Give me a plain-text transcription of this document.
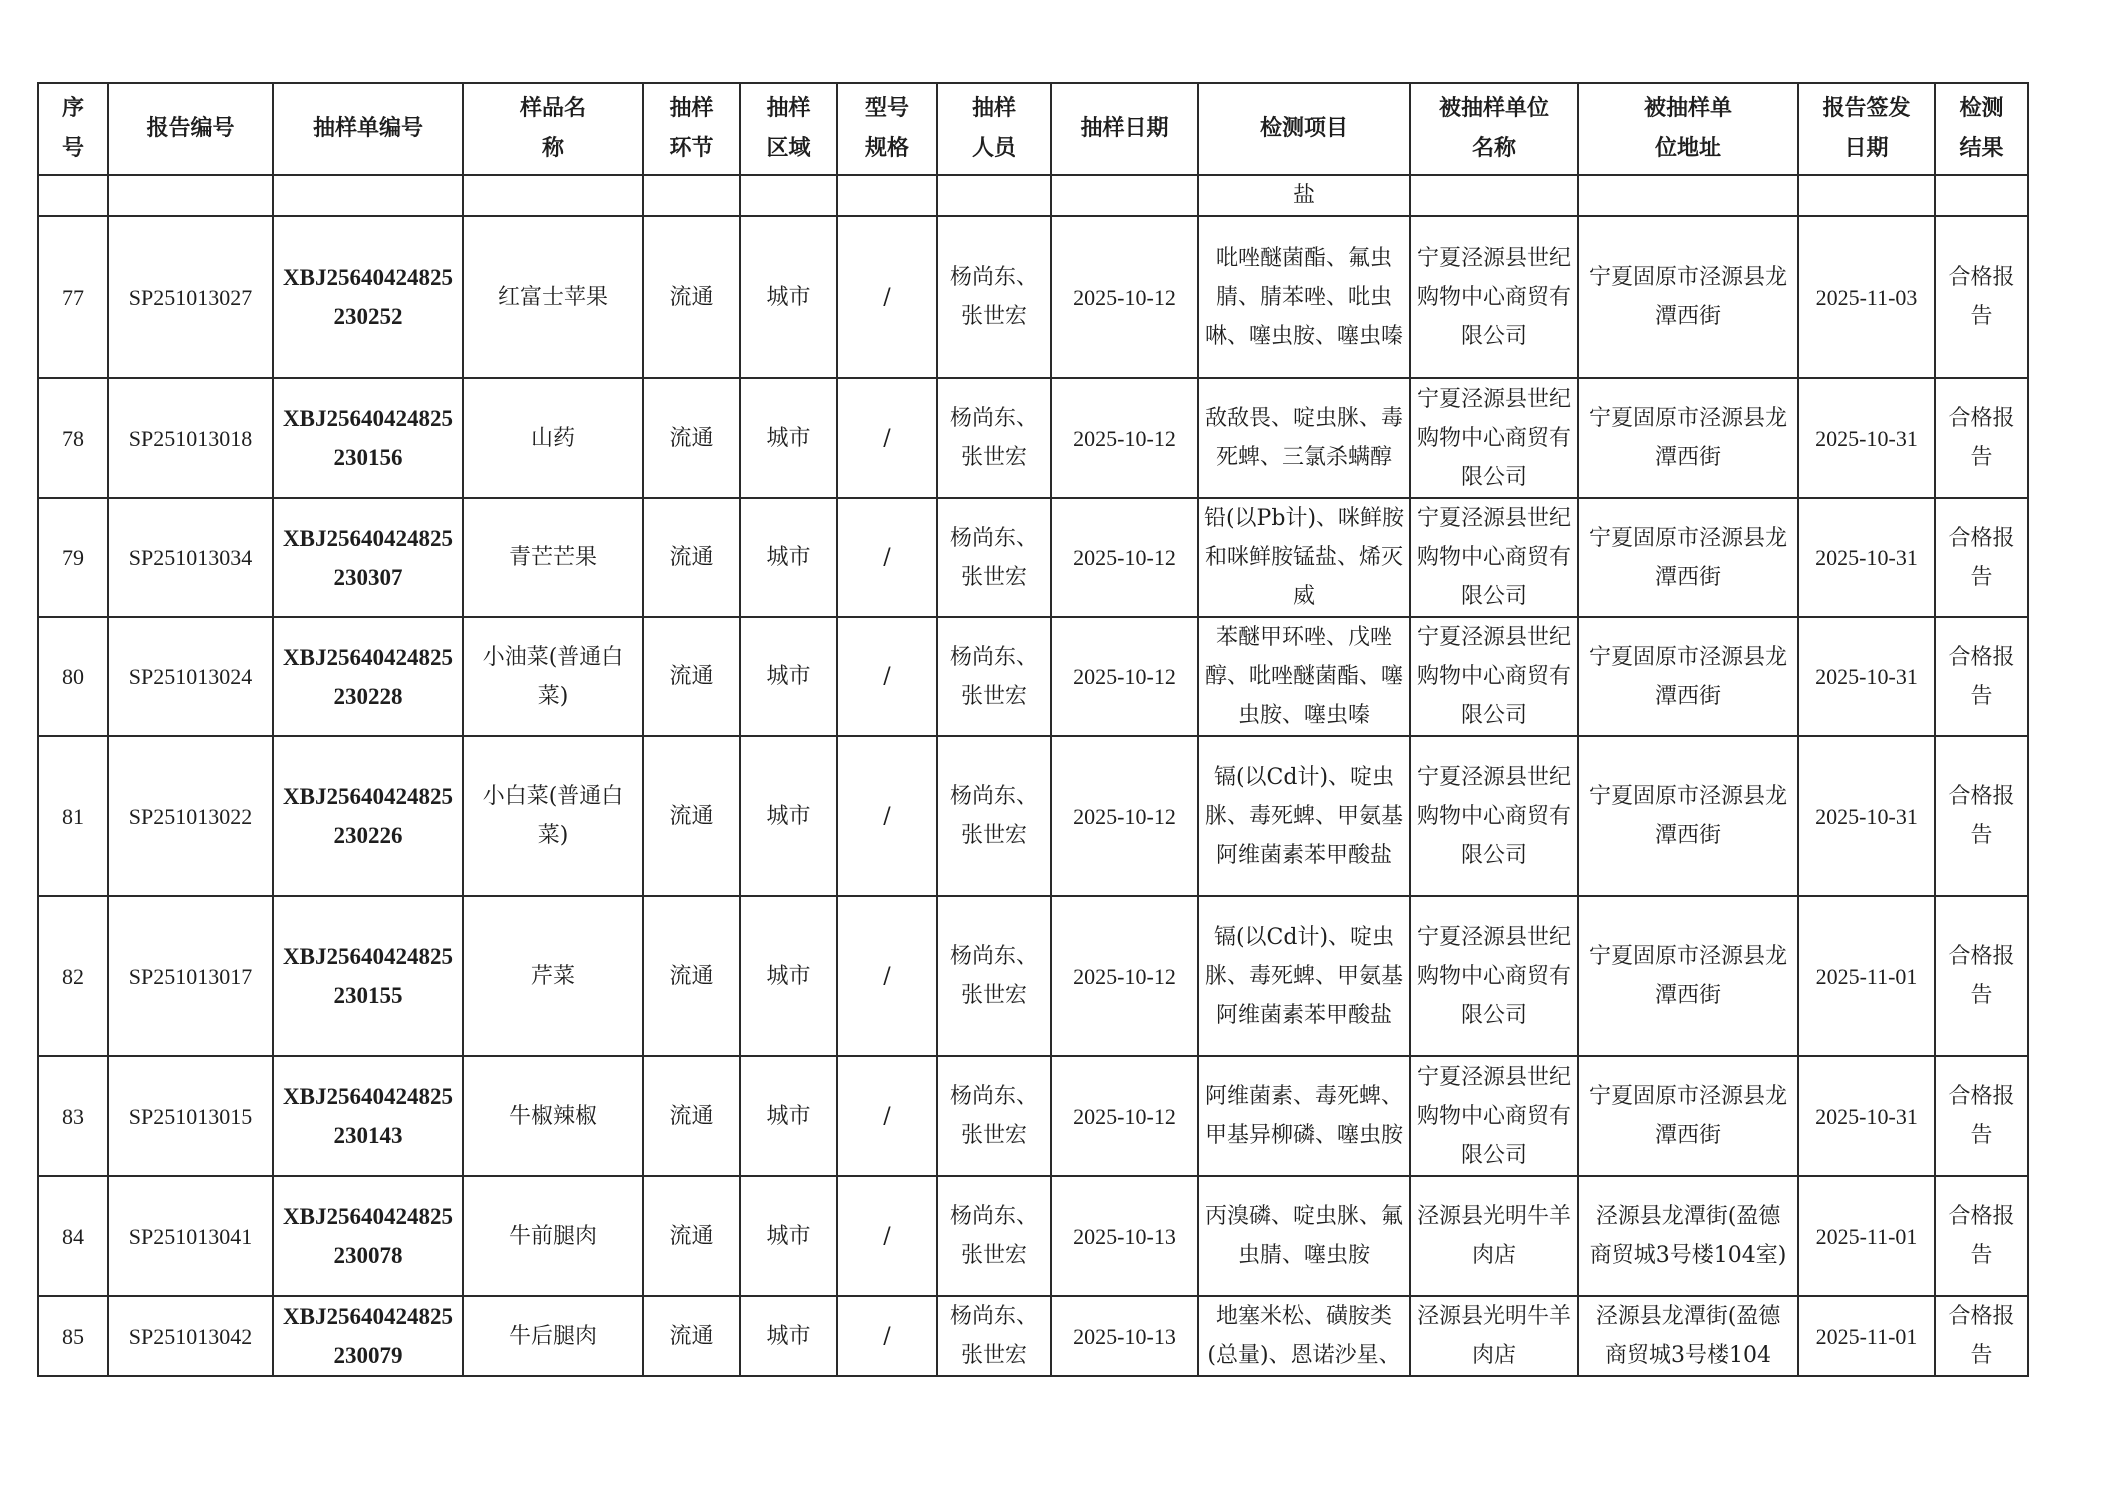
序号	报告编号	抽样单编号	样品名称	抽样环节	抽样区域	型号规格	抽样人员	抽样日期	检测项目	被抽样单位名称	被抽样单位地址	报告签发日期	检测结果
									盐				
77	SP251013027	XBJ25640424825230252	红富士苹果	流通	城市	/	杨尚东、张世宏	2025-10-12	吡唑醚菌酯、氟虫腈、腈苯唑、吡虫啉、噻虫胺、噻虫嗪	宁夏泾源县世纪购物中心商贸有限公司	宁夏固原市泾源县龙潭西街	2025-11-03	合格报告
78	SP251013018	XBJ25640424825230156	山药	流通	城市	/	杨尚东、张世宏	2025-10-12	敌敌畏、啶虫脒、毒死蜱、三氯杀螨醇	宁夏泾源县世纪购物中心商贸有限公司	宁夏固原市泾源县龙潭西街	2025-10-31	合格报告
79	SP251013034	XBJ25640424825230307	青芒芒果	流通	城市	/	杨尚东、张世宏	2025-10-12	铅(以Pb计)、咪鲜胺和咪鲜胺锰盐、烯灭威	宁夏泾源县世纪购物中心商贸有限公司	宁夏固原市泾源县龙潭西街	2025-10-31	合格报告
80	SP251013024	XBJ25640424825230228	小油菜(普通白菜)	流通	城市	/	杨尚东、张世宏	2025-10-12	苯醚甲环唑、戊唑醇、吡唑醚菌酯、噻虫胺、噻虫嗪	宁夏泾源县世纪购物中心商贸有限公司	宁夏固原市泾源县龙潭西街	2025-10-31	合格报告
81	SP251013022	XBJ25640424825230226	小白菜(普通白菜)	流通	城市	/	杨尚东、张世宏	2025-10-12	镉(以Cd计)、啶虫脒、毒死蜱、甲氨基阿维菌素苯甲酸盐	宁夏泾源县世纪购物中心商贸有限公司	宁夏固原市泾源县龙潭西街	2025-10-31	合格报告
82	SP251013017	XBJ25640424825230155	芹菜	流通	城市	/	杨尚东、张世宏	2025-10-12	镉(以Cd计)、啶虫脒、毒死蜱、甲氨基阿维菌素苯甲酸盐	宁夏泾源县世纪购物中心商贸有限公司	宁夏固原市泾源县龙潭西街	2025-11-01	合格报告
83	SP251013015	XBJ25640424825230143	牛椒辣椒	流通	城市	/	杨尚东、张世宏	2025-10-12	阿维菌素、毒死蜱、甲基异柳磷、噻虫胺	宁夏泾源县世纪购物中心商贸有限公司	宁夏固原市泾源县龙潭西街	2025-10-31	合格报告
84	SP251013041	XBJ25640424825230078	牛前腿肉	流通	城市	/	杨尚东、张世宏	2025-10-13	丙溴磷、啶虫脒、氟虫腈、噻虫胺	泾源县光明牛羊肉店	泾源县龙潭街(盈德商贸城3号楼104室)	2025-11-01	合格报告
85	SP251013042	XBJ25640424825230079	牛后腿肉	流通	城市	/	杨尚东、张世宏	2025-10-13	地塞米松、磺胺类(总量)、恩诺沙星、	泾源县光明牛羊肉店	泾源县龙潭街(盈德商贸城3号楼104	2025-11-01	合格报告
